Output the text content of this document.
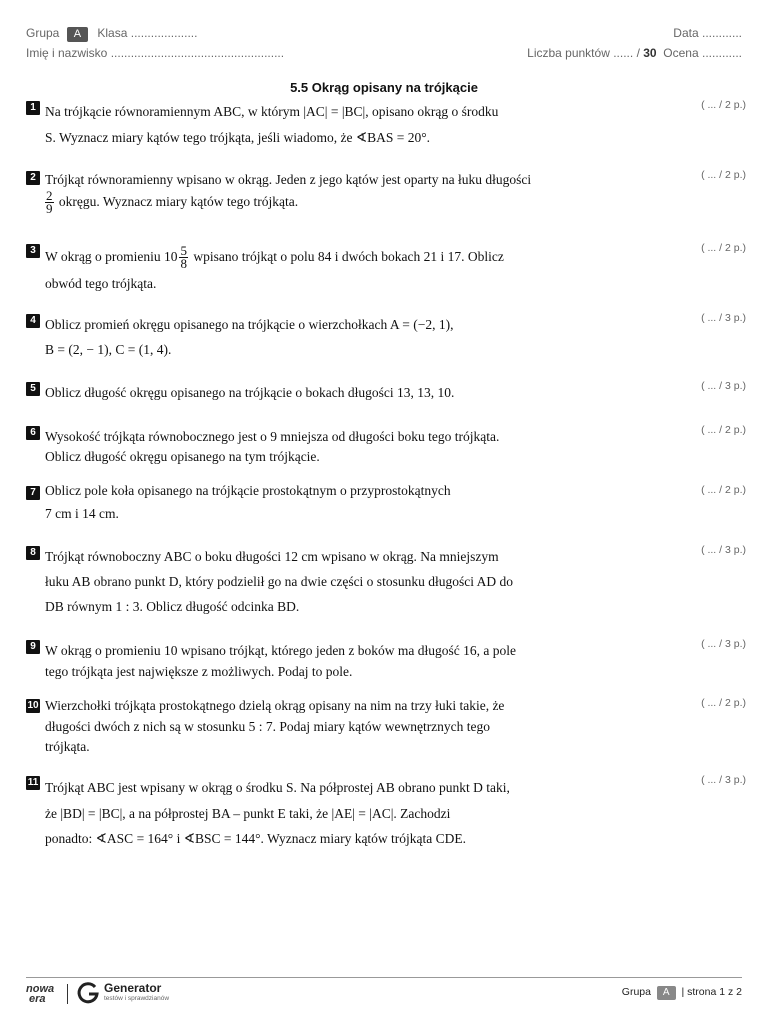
Grupa A Klasa ....................	Data ............
Imię i nazwisko ....................................................	Liczba punktów ...... / 30 Ocena ............
5.5 Okrąg opisany na trójkącie
1 Na trójkącie równoramiennym ABC, w którym |AC| = |BC|, opisano okrąg o środku
S. Wyznacz miary kątów tego trójkąta, jeśli wiadomo, że ∢BAS = 20°.
( ... / 2 p.)
2 Trójkąt równoramienny wpisano w okrąg. Jeden z jego kątów jest oparty na łuku długości
$\frac{2}{9}$ okręgu. Wyznacz miary kątów tego trójkąta.
( ... / 2 p.)
3 W okrąg o promieniu $10 \frac{5}{8}$ wpisano trójkąt o polu 84 i dwóch bokach 21 i 17. Oblicz
obwód tego trójkąta.
( ... / 2 p.)
4 Oblicz promień okręgu opisanego na trójkącie o wierzchołkach A = (−2, 1),
B = (2, − 1), C = (1, 4).
( ... / 3 p.)
5 Oblicz długość okręgu opisanego na trójkącie o bokach długości 13, 13, 10.	( ... / 3 p.)
6 Wysokość trójkąta równobocznego jest o 9 mniejsza od długości boku tego trójkąta.
Oblicz długość okręgu opisanego na tym trójkącie.
( ... / 2 p.)
7 Oblicz pole koła opisanego na trójkącie prostokątnym o przyprostokątnych
7 cm i 14 cm.
( ... / 2 p.)
8 Trójkąt równoboczny ABC o boku długości 12 cm wpisano w okrąg. Na mniejszym
łuku AB obrano punkt D, który podzielił go na dwie części o stosunku długości AD do
DB równym 1 : 3. Oblicz długość odcinka BD.
( ... / 3 p.)
9 W okrąg o promieniu 10 wpisano trójkąt, którego jeden z boków ma długość 16, a pole
tego trójkąta jest największe z możliwych. Podaj to pole.
( ... / 3 p.)
10 Wierzchołki trójkąta prostokątnego dzielą okrąg opisany na nim na trzy łuki takie, że
długości dwóch z nich są w stosunku 5 : 7. Podaj miary kątów wewnętrznych tego
trójkąta.
( ... / 2 p.)
11 Trójkąt ABC jest wpisany w okrąg o środku S. Na półprostej AB obrano punkt D taki,
że |BD| = |BC|, a na półprostej BA – punkt E taki, że |AE| = |AC|. Zachodzi
ponadto: ∢ASC = 164° i ∢BSC = 144°. Wyznacz miary kątów trójkąta CDE.
( ... / 3 p.)
nowa
era
Generator
testów i sprawdzianów
Grupa A | strona 1 z 2
